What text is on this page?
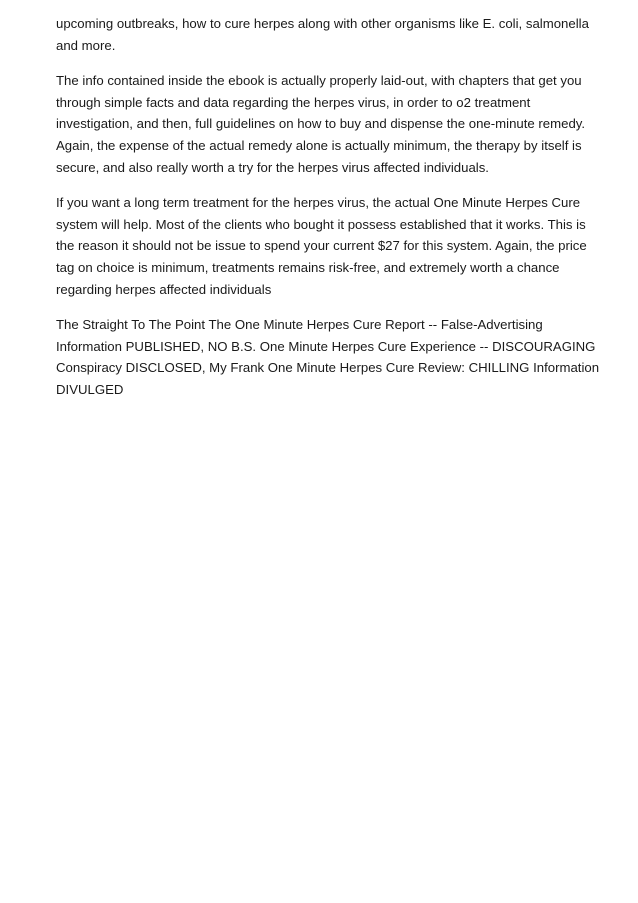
upcoming outbreaks, how to cure herpes along with other organisms like E. coli, salmonella
and more.

The info contained inside the ebook is actually properly laid-out, with chapters that get you
through simple facts and data regarding the herpes virus, in order to o2 treatment
investigation, and then, full guidelines on how to buy and dispense the one-minute remedy.
Again, the expense of the actual remedy alone is actually minimum, the therapy by itself is
secure, and also really worth a try for the herpes virus affected individuals.

If you want a long term treatment for the herpes virus, the actual One Minute Herpes Cure
system will help. Most of the clients who bought it possess established that it works. This is
the reason it should not be issue to spend your current $27 for this system. Again, the price
tag on choice is minimum, treatments remains risk-free, and extremely worth a chance
regarding herpes affected individuals

The Straight To The Point The One Minute Herpes Cure Report -- False-Advertising
Information PUBLISHED, NO B.S. One Minute Herpes Cure Experience -- DISCOURAGING
Conspiracy DISCLOSED, My Frank One Minute Herpes Cure Review: CHILLING Information
DIVULGED
